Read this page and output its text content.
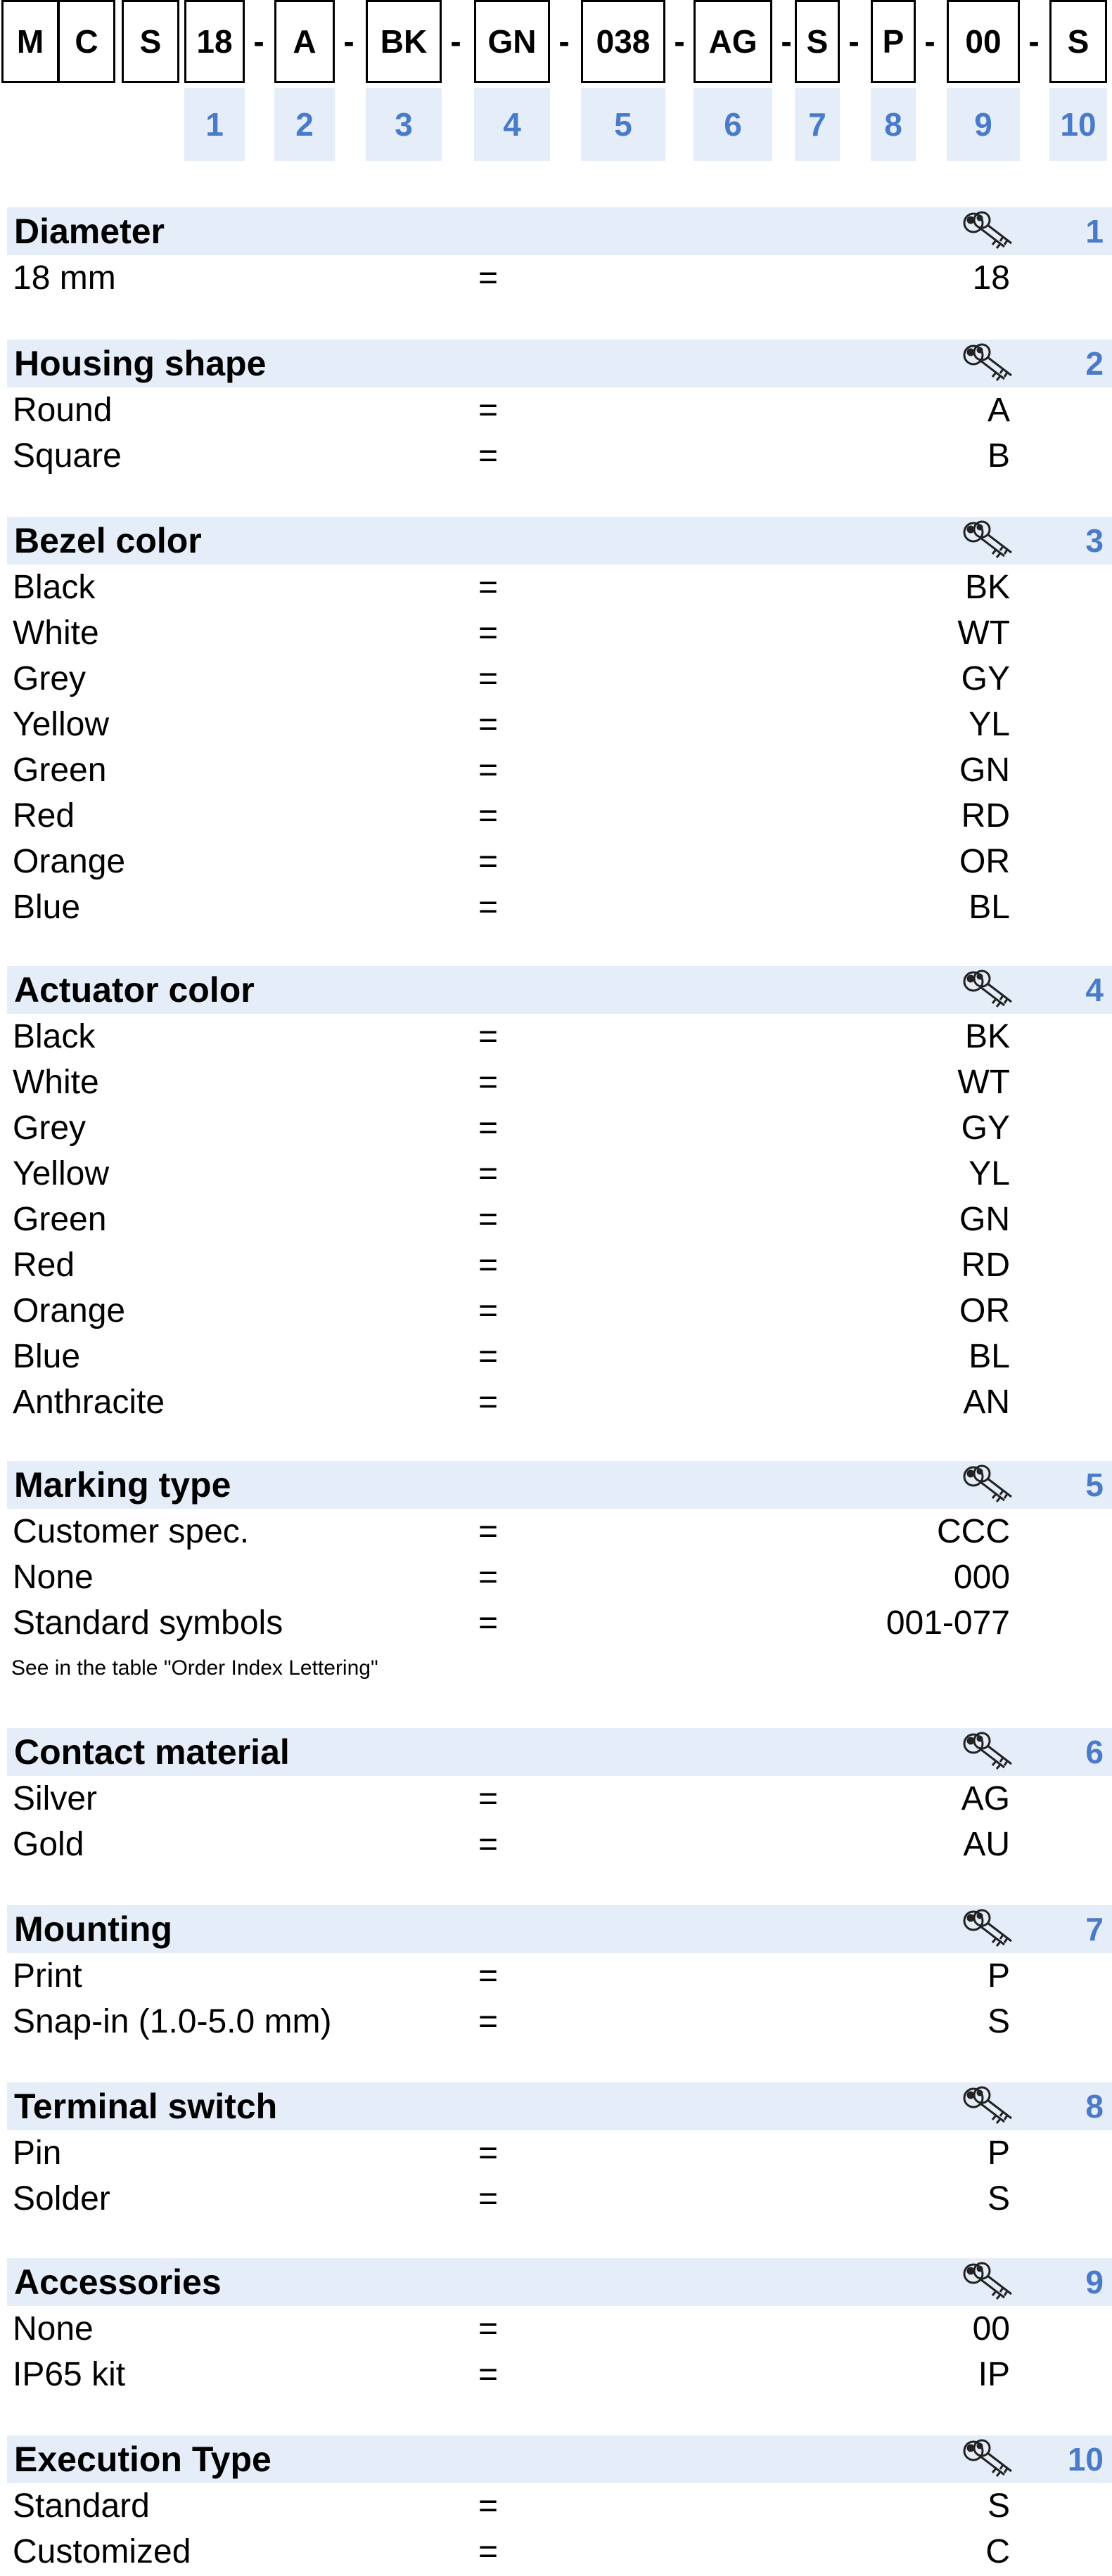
M C	S	18	A	BK	GN	038	AG	S	P	00	S
- -	-	-	-	- - -	-
1	2	3	4	5	6	7	8	9	10
Diameter	1
18 mm	=	18
Housing shape	2
Round	=	A
Square	=	B
Bezel color	3
Black	=	BK
White	=	WT
Grey	=	GY
Yellow	=	YL
Green	=	GN
Red	=	RD
Orange	=	OR
Blue	=	BL
Actuator color	4
Black	=	BK
White	=	WT
Grey	=	GY
Yellow	=	YL
Green	=	GN
Red	=	RD
Orange	=	OR
Blue	=	BL
Anthracite	=	AN
Marking type	5
Customer spec.	=	CCC
None	=	000
Standard symbols	=	001-077
See in the table "Order Index Lettering"
Contact material	6
Silver	=	AG
Gold	=	AU
Mounting	7
Print	=	P
Snap-in (1.0-5.0 mm)	=	S
Terminal switch	8
Pin	=	P
Solder	=	S
Accessories	9
None	=	00
IP65 kit	=	IP
Execution Type	10
Standard	=	S
Customized	=	C
